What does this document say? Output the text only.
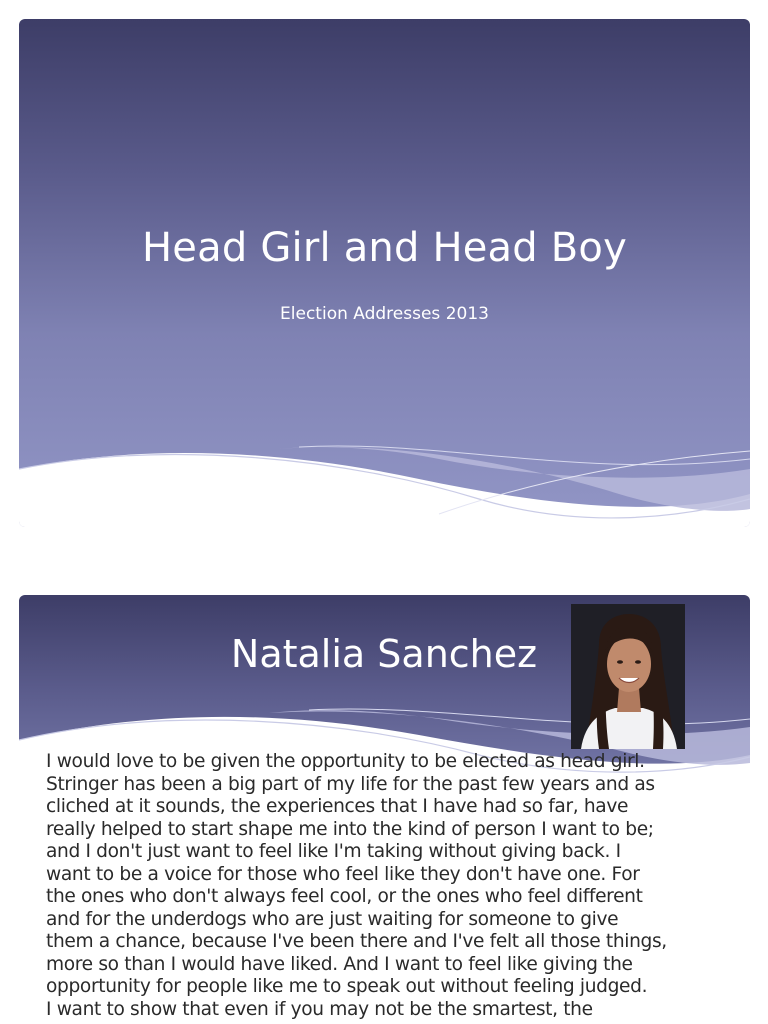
Head Girl and Head Boy
Election Addresses 2013
Natalia Sanchez
I would love to be given the opportunity to be elected as head girl.
Stringer has been a big part of my life for the past few years and as
cliched at it sounds, the experiences that I have had so far, have
really helped to start shape me into the kind of person I want to be;
and I don't just want to feel like I'm taking without giving back. I
want to be a voice for those who feel like they don't have one. For
the ones who don't always feel cool, or the ones who feel different
and for the underdogs who are just waiting for someone to give
them a chance, because I've been there and I've felt all those things,
more so than I would have liked. And I want to feel like giving the
opportunity for people like me to speak out without feeling judged.
I want to show that even if you may not be the smartest, the
